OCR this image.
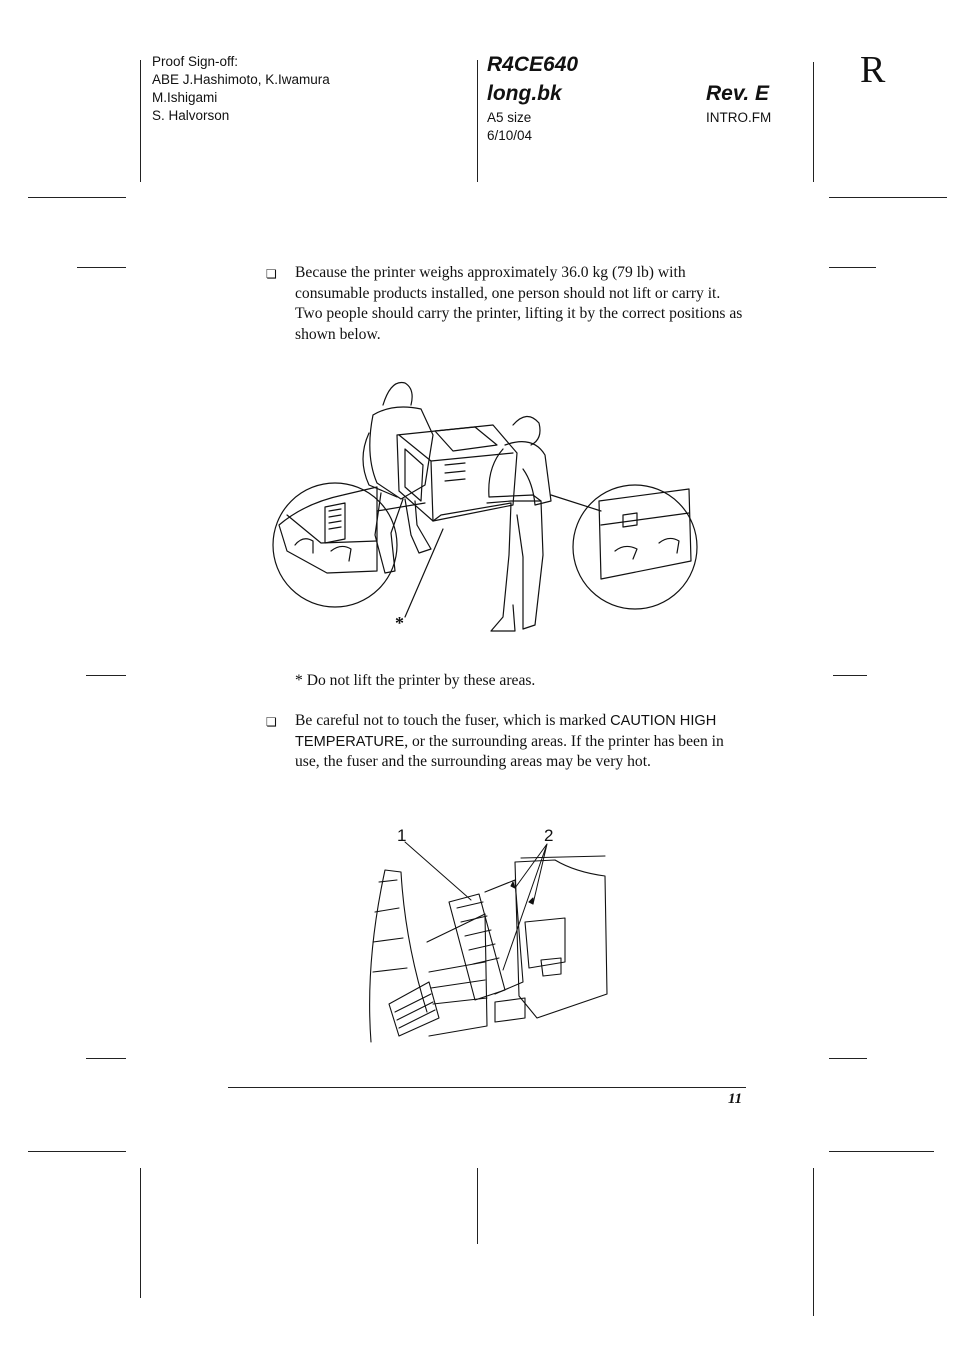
Proof Sign-off:
ABE J.Hashimoto, K.Iwamura
M.Ishigami
S. Halvorson
R4CE640
long.bk	Rev. E
A5 size
6/10/04
INTRO.FM
R
❏ Because the printer weighs approximately 36.0 kg (79 lb) with consumable products installed, one person should not lift or carry it. Two people should carry the printer, lifting it by the correct positions as shown below.
*
* Do not lift the printer by these areas.
❏ Be careful not to touch the fuser, which is marked CAUTION HIGH TEMPERATURE, or the surrounding areas. If the printer has been in use, the fuser and the surrounding areas may be very hot.
1	2
11
